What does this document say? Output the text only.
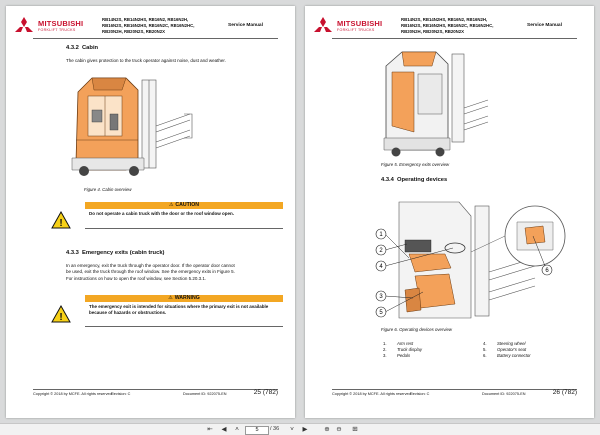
MITSUBISHI
FORKLIFT TRUCKS
RB14N2S, RB14N2HS, RB16N2, RB16N2H,
RB16N2S, RB16N2HS, RB16N2C, RB16N2HC,
RB20N2H, RB20N2S, RB20N2X
Service Manual
4.3.2 Cabin
The cabin gives protection to the truck operator against noise, dust and weather.
Figure 4. Cabin overview
!
⚠ CAUTION
Do not operate a cabin truck with the door or the roof window open.
4.3.3 Emergency exits (cabin truck)
In an emergency, exit the truck through the operator door. If the operator door cannot
be used, exit the truck through the roof window. See the emergency exits in Figure 5.
For instructions on how to open the roof window, see Section 5.20.3.1.
!
⚠ WARNING
The emergency exit is intended for situations where the primary exit is not available
because of hazards or obstructions.
Copyright © 2018 by MCFE. All rights reserved.
Revision: C	Document ID: 922075-EN	25 (782)
MITSUBISHI
FORKLIFT TRUCKS
RB14N2S, RB14N2HS, RB16N2, RB16N2H,
RB16N2S, RB16N2HS, RB16N2C, RB16N2HC,
RB20N2H, RB20N2S, RB20N2X
Service Manual
Figure 5. Emergency exits overview
4.3.4 Operating devices
1
2
4
3
5
6
Figure 6. Operating devices overview
1. Arm rest
2. Truck display
3. Pedals
4. Steering wheel
5. Operator's seat
6. Battery connector
Copyright © 2018 by MCFE. All rights reserved.
Revision: C	Document ID: 922075-EN	26 (782)
⇤	◀	˄	5	/ 36	˅	▶	⊕	⊖	⊞
